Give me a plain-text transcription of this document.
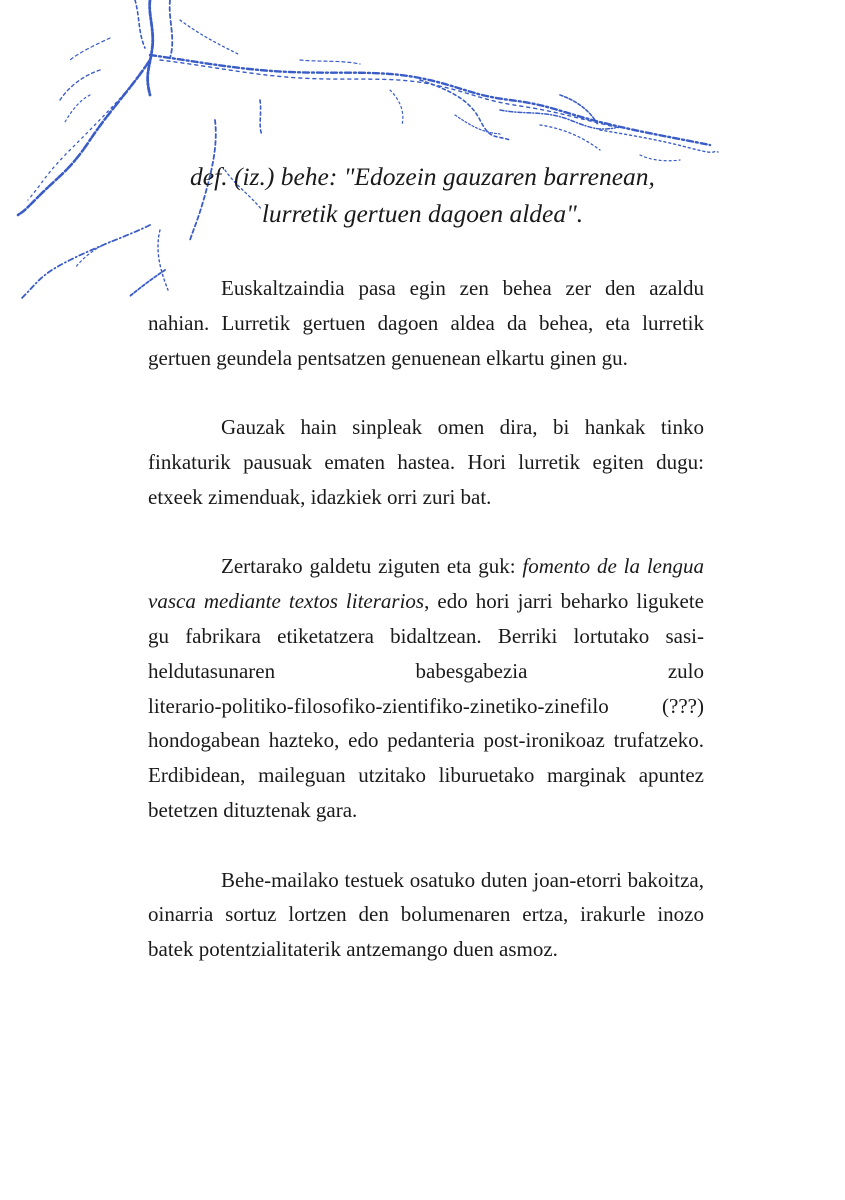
def. (iz.) behe: "Edozein gauzaren barrenean,
lurretik gertuen dagoen aldea".

Euskaltzaindia pasa egin zen behea zer den azaldu nahian. Lurretik gertuen dagoen aldea da behea, eta lurretik gertuen geundela pentsatzen genuenean elkartu ginen gu.

Gauzak hain sinpleak omen dira, bi hankak tinko finkaturik pausuak ematen hastea. Hori lurretik egiten dugu: etxeek zimenduak, idazkiek orri zuri bat.

Zertarako galdetu ziguten eta guk: fomento de la lengua vasca mediante textos literarios, edo hori jarri beharko ligukete gu fabrikara etiketatzera bidaltzean. Berriki lortutako sasi-heldutasunaren babesgabezia zulo literario-politiko-filosofiko-zientifiko-zinetiko-zinefilo (???) hondogabean hazteko, edo pedanteria post-ironikoaz trufatzeko. Erdibidean, maileguan utzitako liburuetako marginak apuntez betetzen dituztenak gara.

Behe-mailako testuek osatuko duten joan-etorri bakoitza, oinarria sortuz lortzen den bolumenaren ertza, irakurle inozo batek potentzialitaterik antzemango duen asmoz.
